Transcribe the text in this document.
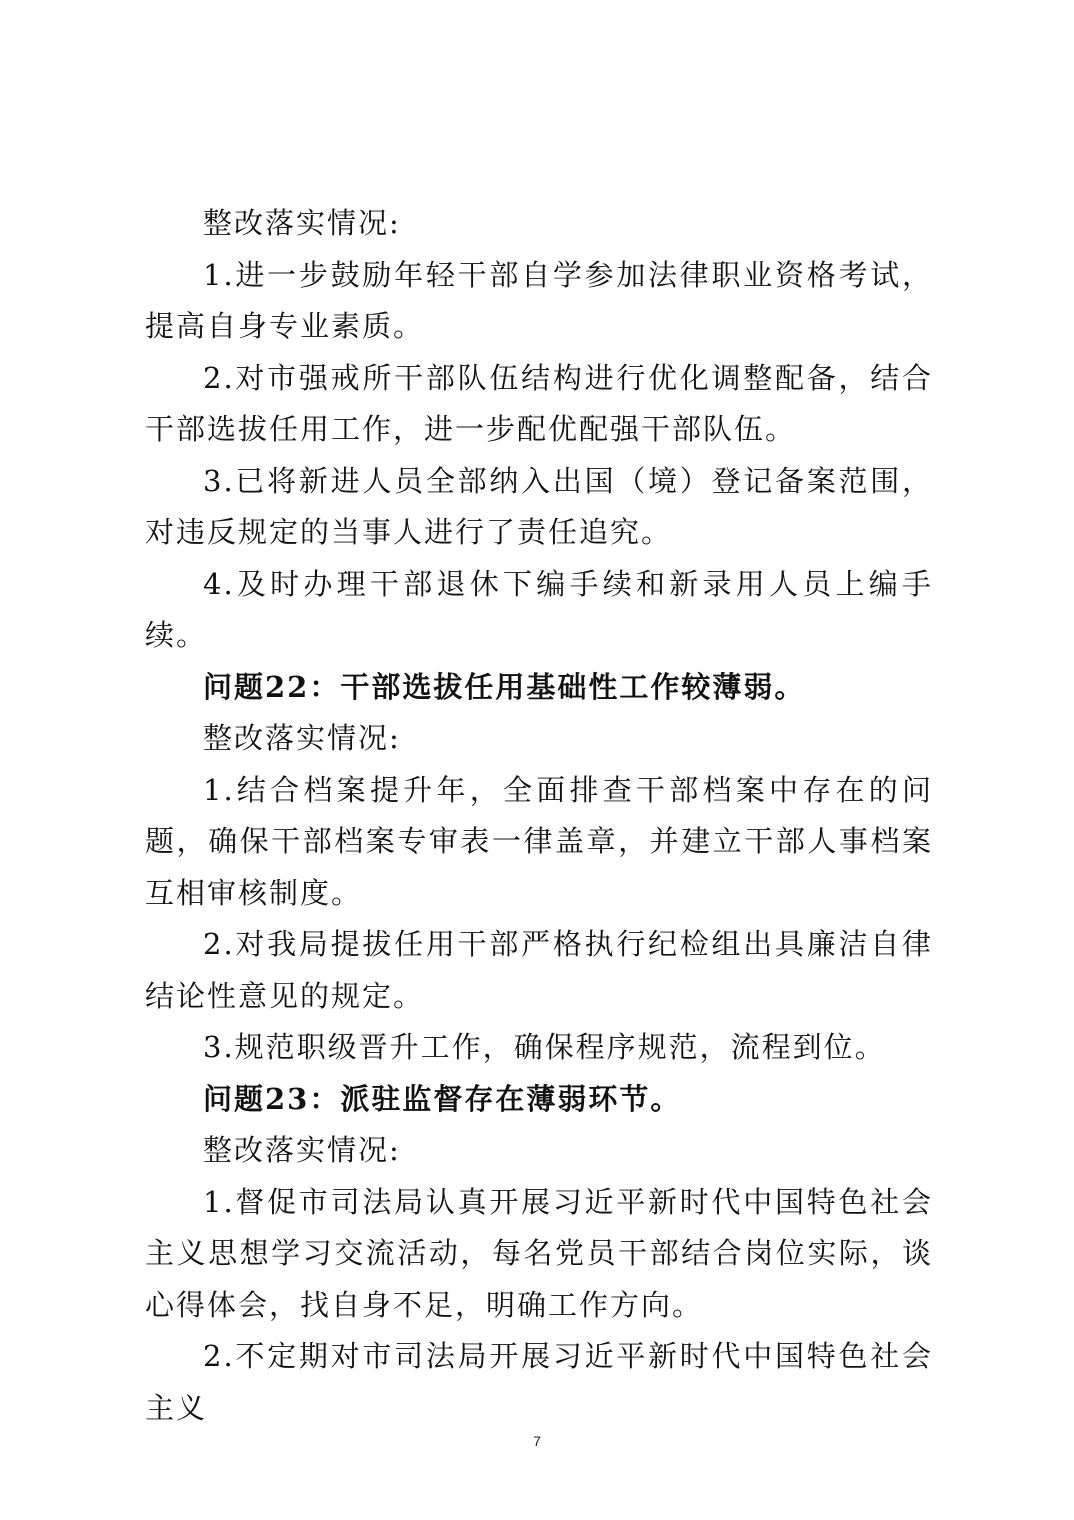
整改落实情况:

1.进一步鼓励年轻干部自学参加法律职业资格考试，提高自身专业素质。

2.对市强戒所干部队伍结构进行优化调整配备，结合干部选拔任用工作，进一步配优配强干部队伍。

3.已将新进人员全部纳入出国（境）登记备案范围，对违反规定的当事人进行了责任追究。

4.及时办理干部退休下编手续和新录用人员上编手续。

问题22：干部选拔任用基础性工作较薄弱。

整改落实情况:

1.结合档案提升年，全面排查干部档案中存在的问题，确保干部档案专审表一律盖章，并建立干部人事档案互相审核制度。

2.对我局提拔任用干部严格执行纪检组出具廉洁自律结论性意见的规定。

3.规范职级晋升工作，确保程序规范，流程到位。

问题23：派驻监督存在薄弱环节。

整改落实情况:

1.督促市司法局认真开展习近平新时代中国特色社会主义思想学习交流活动，每名党员干部结合岗位实际，谈心得体会，找自身不足，明确工作方向。

2.不定期对市司法局开展习近平新时代中国特色社会主义

7
